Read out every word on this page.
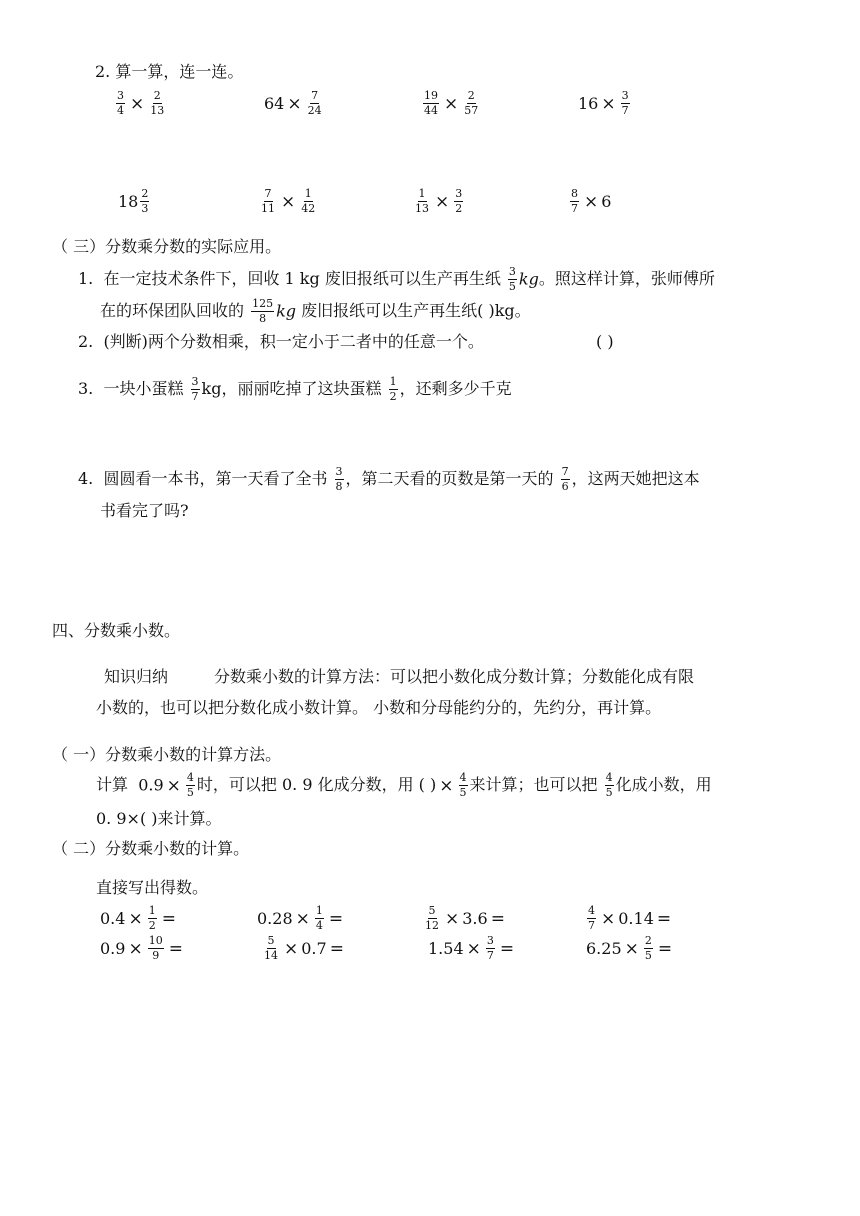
2. 算一算，连一连。
$\frac{3}{4} \times \frac{2}{13}$	$64 \times \frac{7}{24}$	$\frac{19}{44} \times \frac{2}{57}$	$16 \times \frac{3}{7}$
$18 \frac{2}{3}$	$\frac{7}{11} \times \frac{1}{42}$	$\frac{1}{13} \times \frac{3}{2}$	$\frac{8}{7} \times 6$
（ 三）分数乘分数的实际应用。
1. 在一定技术条件下，回收 1 kg 废旧报纸可以生产再生纸 $\frac{3}{5}$ kg。照这样计算，张师傅所
在的环保团队回收的 $\frac{125}{8}$ kg 废旧报纸可以生产再生纸( )kg。
2. (判断)两个分数相乘，积一定小于二者中的任意一个。	( )
3. 一块小蛋糕 $\frac{3}{7}$ kg，丽丽吃掉了这块蛋糕 $\frac{1}{2}$ ，还剩多少千克
4. 圆圆看一本书，第一天看了全书 $\frac{3}{8}$ ，第二天看的页数是第一天的 $\frac{7}{6}$ ，这两天她把这本
书看完了吗?
四、分数乘小数。
知识归纳	分数乘小数的计算方法：可以把小数化成分数计算；分数能化成有限
小数的，也可以把分数化成小数计算。 小数和分母能约分的，先约分，再计算。
（ 一）分数乘小数的计算方法。
计算 $0.9 \times \frac{4}{5}$ 时，可以把 0. 9 化成分数，用 ( ) × $\frac{4}{5}$ 来计算；也可以把 $\frac{4}{5}$ 化成小数，用
0. 9×( )来计算。
（ 二）分数乘小数的计算。
直接写出得数。
$0.4 \times \frac{1}{2}$ =	$0.28 \times \frac{1}{4}$ =	$\frac{5}{12} \times 3.6$ =	$\frac{4}{7} \times 0.14$ =
$0.9 \times \frac{10}{9}$ =	$\frac{5}{14} \times 0.7$ =	$1.54 \times \frac{3}{7}$ =	$6.25 \times \frac{2}{5}$ =
